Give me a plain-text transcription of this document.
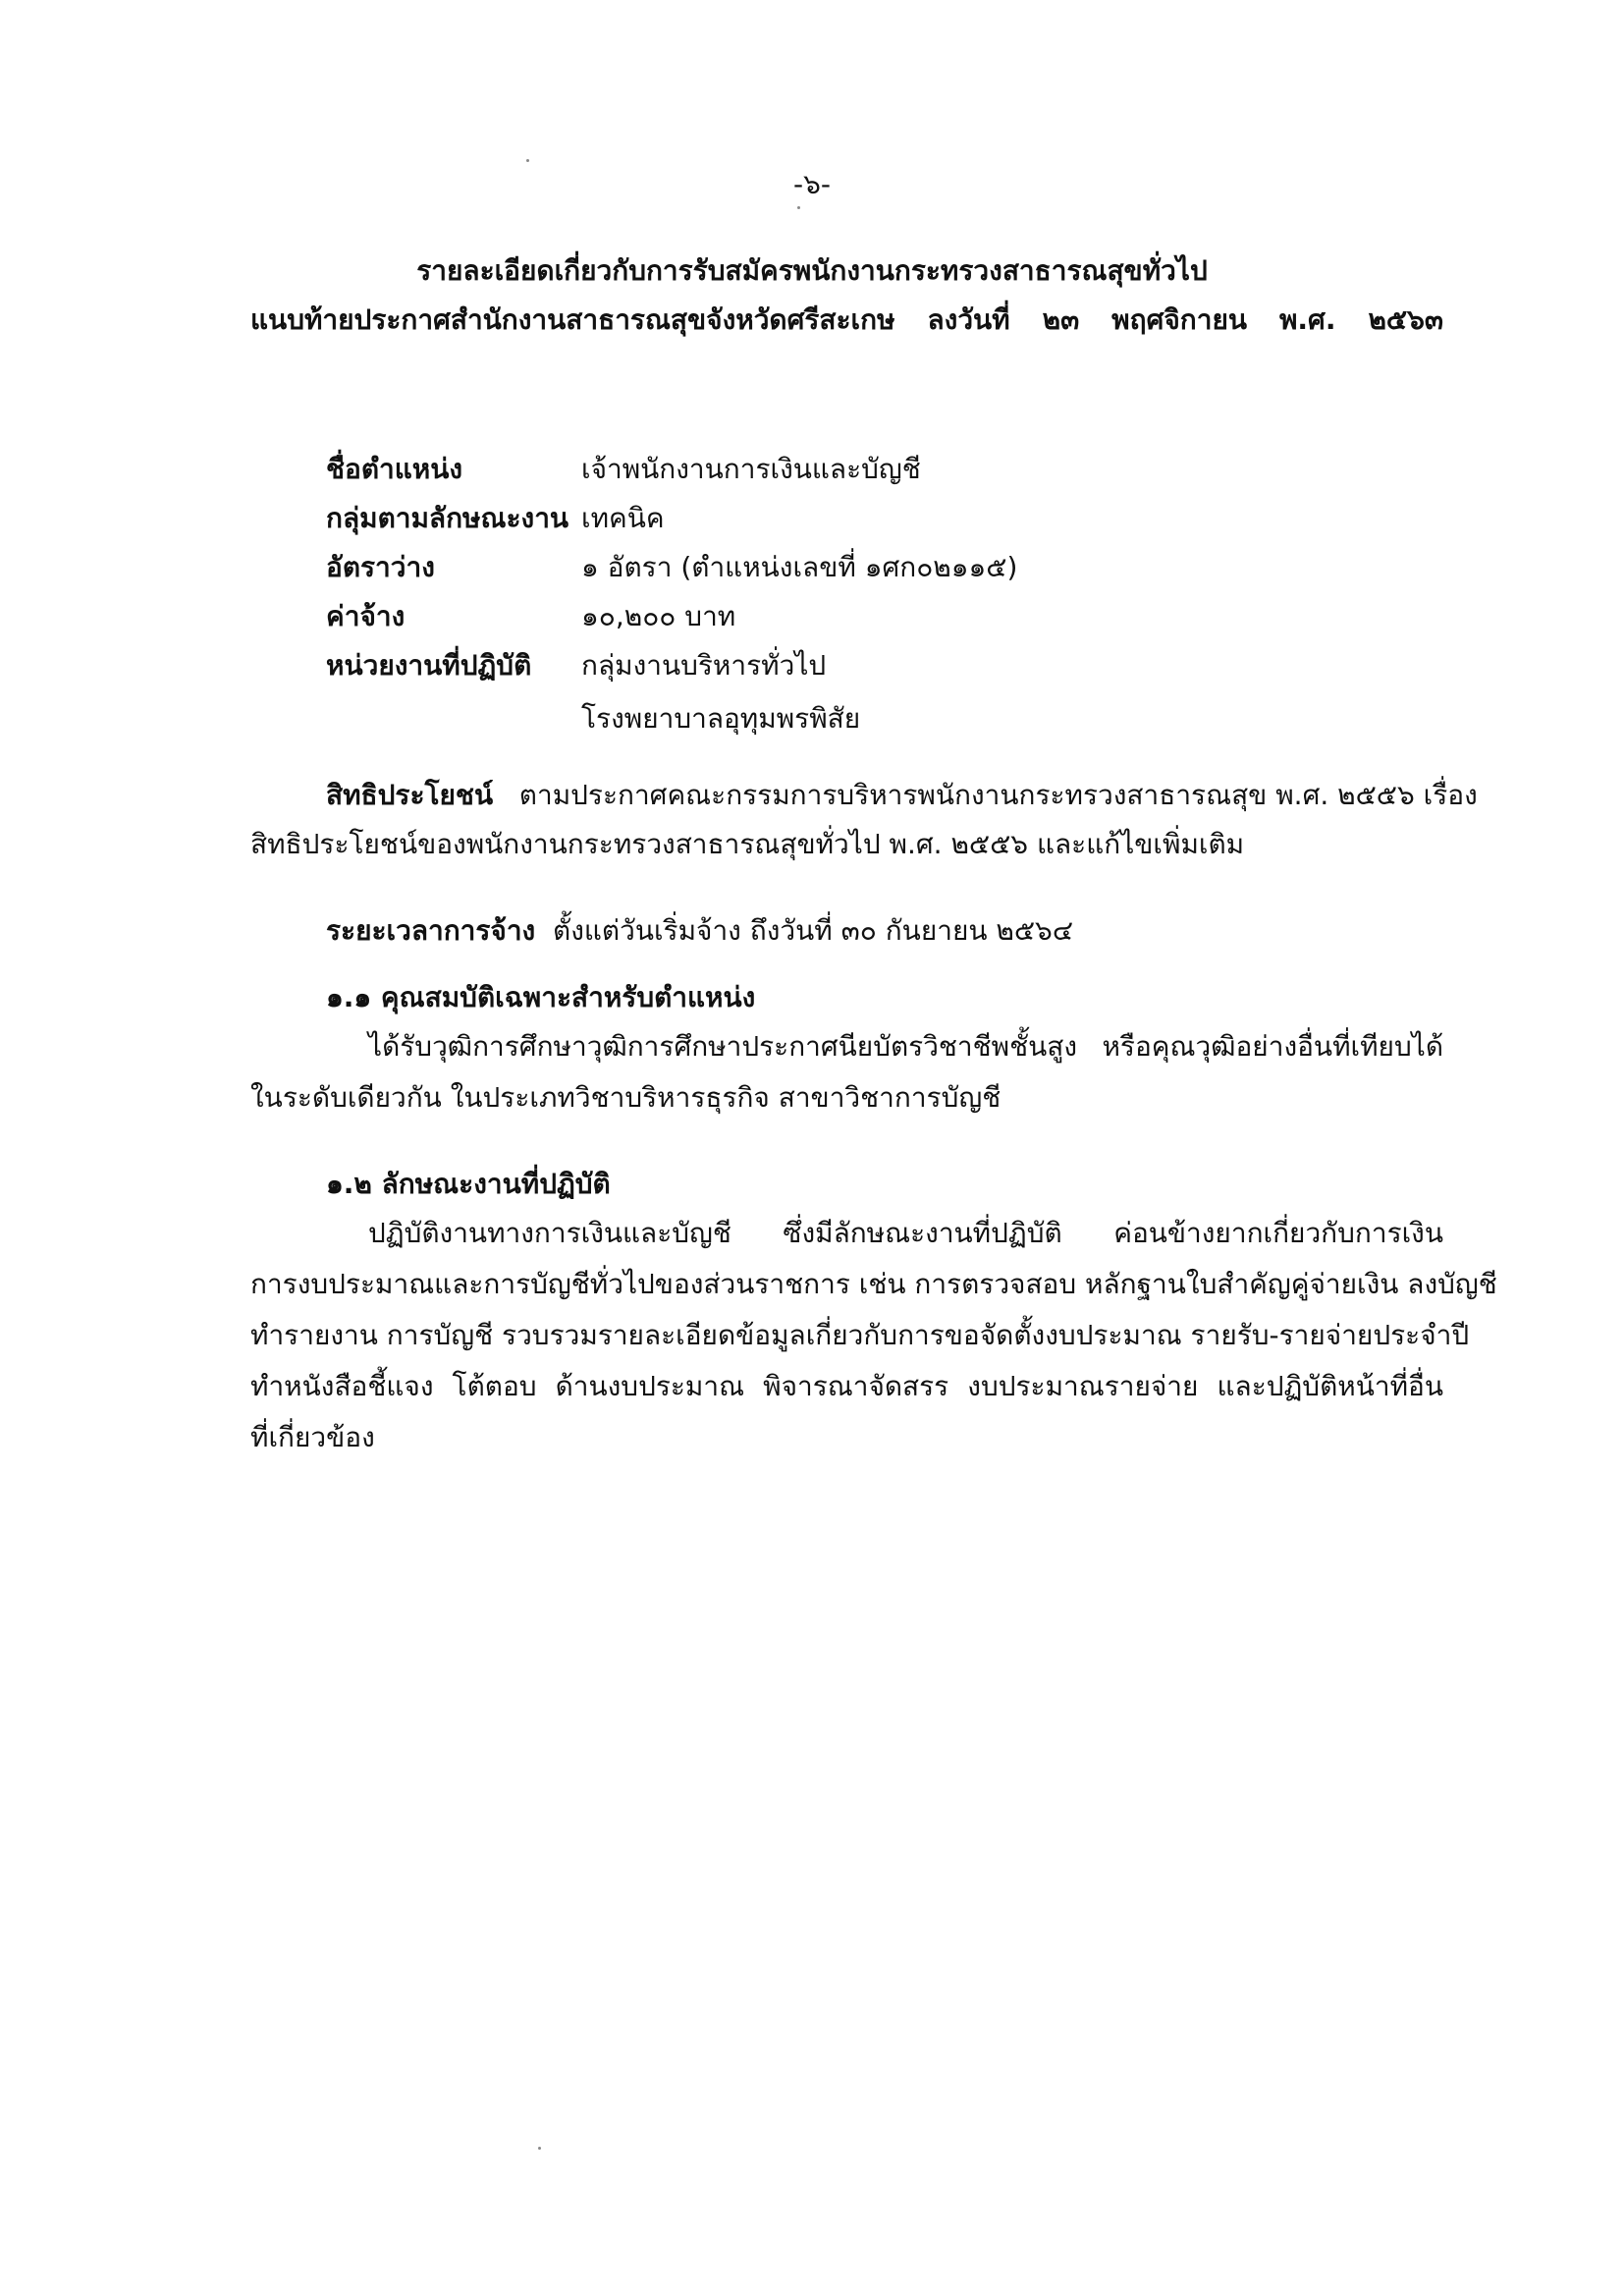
-๖-
รายละเอียดเกี่ยวกับการรับสมัครพนักงานกระทรวงสาธารณสุขทั่วไป
แนบท้ายประกาศสำนักงานสาธารณสุขจังหวัดศรีสะเกษ ลงวันที่ ๒๓ พฤศจิกายน พ.ศ. ๒๕๖๓
ชื่อตำแหน่ง	เจ้าพนักงานการเงินและบัญชี
กลุ่มตามลักษณะงาน เทคนิค
อัตราว่าง	๑ อัตรา (ตำแหน่งเลขที่ ๑ศก๐๒๑๑๕)
ค่าจ้าง	๑๐,๒๐๐ บาท
หน่วยงานที่ปฏิบัติ กลุ่มงานบริหารทั่วไป
โรงพยาบาลอุทุมพรพิสัย
สิทธิประโยชน์ ตามประกาศคณะกรรมการบริหารพนักงานกระทรวงสาธารณสุข พ.ศ. ๒๕๕๖ เรื่อง
สิทธิประโยชน์ของพนักงานกระทรวงสาธารณสุขทั่วไป พ.ศ. ๒๕๕๖ และแก้ไขเพิ่มเติม
ระยะเวลาการจ้าง ตั้งแต่วันเริ่มจ้าง ถึงวันที่ ๓๐ กันยายน ๒๕๖๔
๑.๑ คุณสมบัติเฉพาะสำหรับตำแหน่ง
ได้รับวุฒิการศึกษาวุฒิการศึกษาประกาศนียบัตรวิชาชีพชั้นสูง หรือคุณวุฒิอย่างอื่นที่เทียบได้
ในระดับเดียวกัน ในประเภทวิชาบริหารธุรกิจ สาขาวิชาการบัญชี
๑.๒ ลักษณะงานที่ปฏิบัติ
ปฏิบัติงานทางการเงินและบัญชี ซึ่งมีลักษณะงานที่ปฏิบัติ ค่อนข้างยากเกี่ยวกับการเงิน
การงบประมาณและการบัญชีทั่วไปของส่วนราชการ เช่น การตรวจสอบ หลักฐานใบสำคัญคู่จ่ายเงิน ลงบัญชี
ทำรายงาน การบัญชี รวบรวมรายละเอียดข้อมูลเกี่ยวกับการขอจัดตั้งงบประมาณ รายรับ-รายจ่ายประจำปี
ทำหนังสือชี้แจง โต้ตอบ ด้านงบประมาณ พิจารณาจัดสรร งบประมาณรายจ่าย และปฏิบัติหน้าที่อื่น
ที่เกี่ยวข้อง
